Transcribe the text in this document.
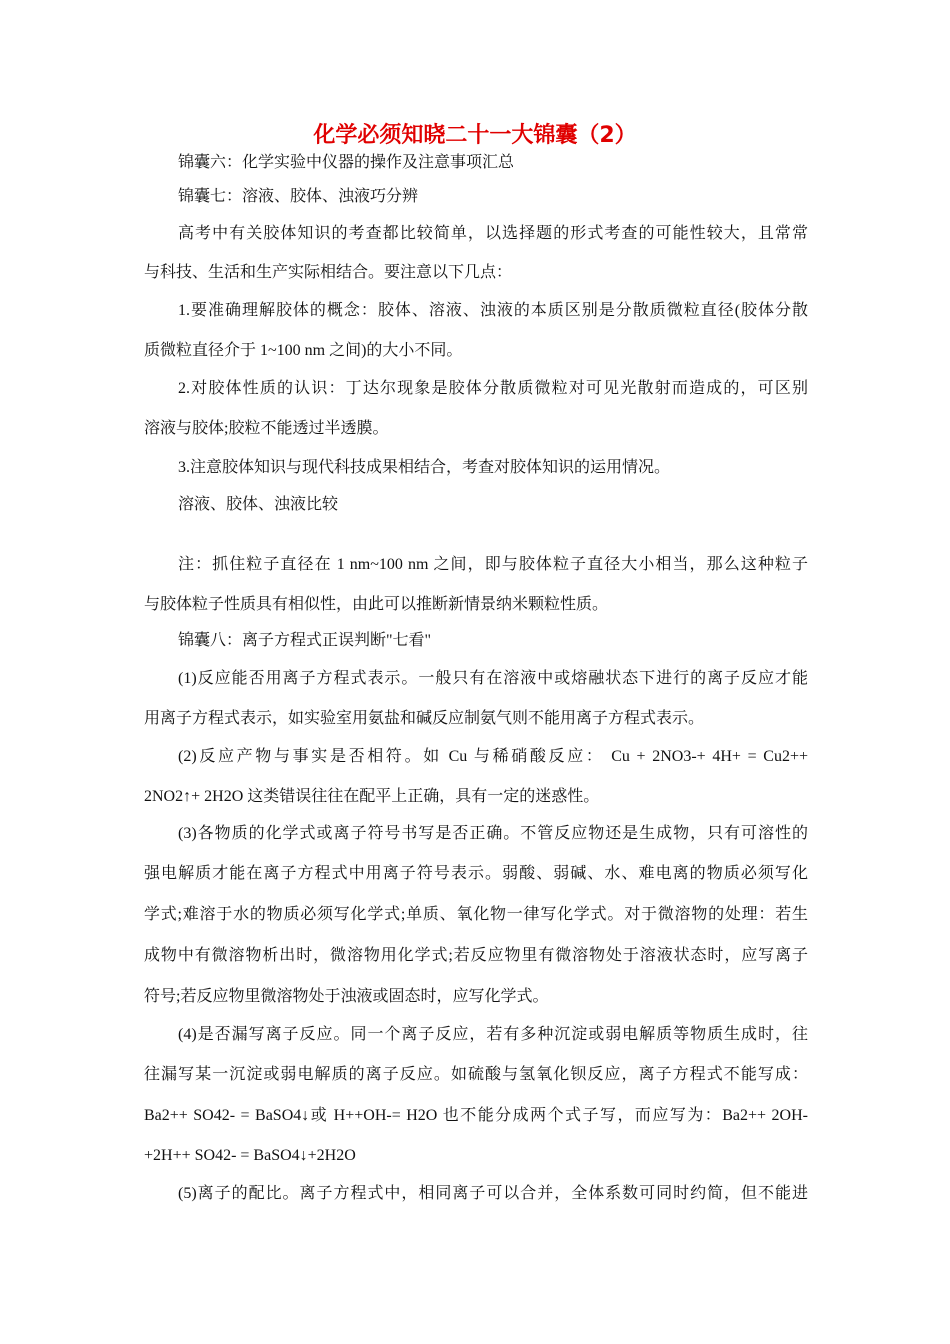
化学必须知晓二十一大锦囊（2）
锦囊六：化学实验中仪器的操作及注意事项汇总
锦囊七：溶液、胶体、浊液巧分辨
高考中有关胶体知识的考查都比较简单，以选择题的形式考查的可能性较大，且常常
与科技、生活和生产实际相结合。要注意以下几点：
1.要准确理解胶体的概念：胶体、溶液、浊液的本质区别是分散质微粒直径(胶体分散
质微粒直径介于 1~100 nm 之间)的大小不同。
2.对胶体性质的认识：丁达尔现象是胶体分散质微粒对可见光散射而造成的，可区别
溶液与胶体;胶粒不能透过半透膜。
3.注意胶体知识与现代科技成果相结合，考查对胶体知识的运用情况。
溶液、胶体、浊液比较
注：抓住粒子直径在 1 nm~100 nm 之间，即与胶体粒子直径大小相当，那么这种粒子
与胶体粒子性质具有相似性，由此可以推断新情景纳米颗粒性质。
锦囊八：离子方程式正误判断"七看"
(1)反应能否用离子方程式表示。一般只有在溶液中或熔融状态下进行的离子反应才能
用离子方程式表示，如实验室用氨盐和碱反应制氨气则不能用离子方程式表示。
(2)反应产物与事实是否相符。如 Cu 与稀硝酸反应： Cu + 2NO3-+ 4H+ = Cu2++
2NO2↑+ 2H2O 这类错误往往在配平上正确，具有一定的迷惑性。
(3)各物质的化学式或离子符号书写是否正确。不管反应物还是生成物，只有可溶性的
强电解质才能在离子方程式中用离子符号表示。弱酸、弱碱、水、难电离的物质必须写化
学式;难溶于水的物质必须写化学式;单质、氧化物一律写化学式。对于微溶物的处理：若生
成物中有微溶物析出时，微溶物用化学式;若反应物里有微溶物处于溶液状态时，应写离子
符号;若反应物里微溶物处于浊液或固态时，应写化学式。
(4)是否漏写离子反应。同一个离子反应，若有多种沉淀或弱电解质等物质生成时，往
往漏写某一沉淀或弱电解质的离子反应。如硫酸与氢氧化钡反应，离子方程式不能写成：
Ba2++ SO42- = BaSO4↓或 H++OH-= H2O 也不能分成两个式子写，而应写为：Ba2++ 2OH-
+2H++ SO42- = BaSO4↓+2H2O
(5)离子的配比。离子方程式中，相同离子可以合并，全体系数可同时约简，但不能进
